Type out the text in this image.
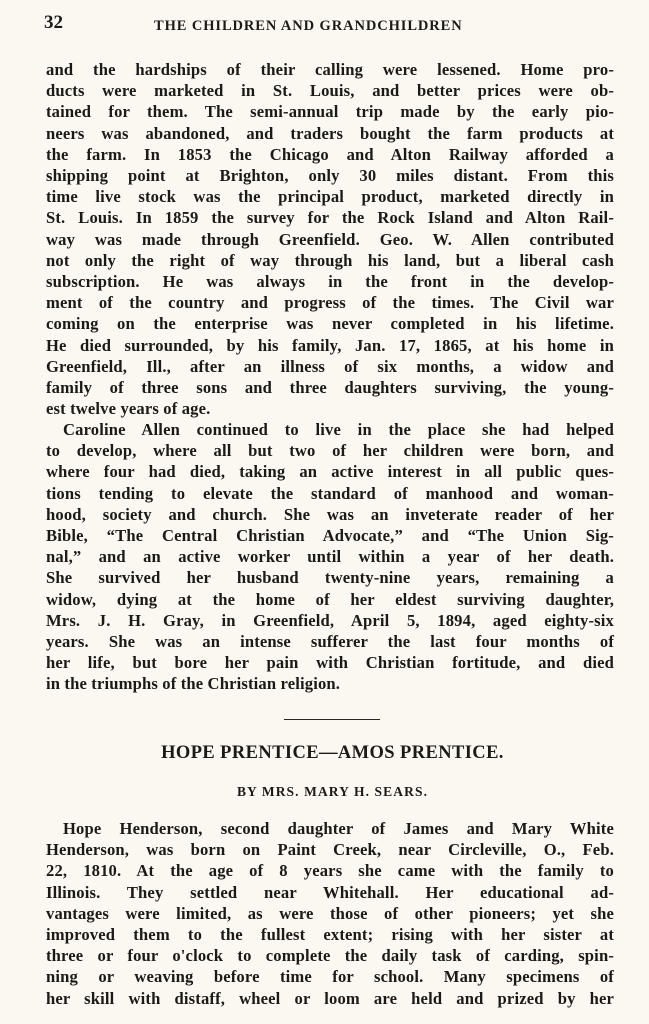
32	THE CHILDREN AND GRANDCHILDREN
and the hardships of their calling were lessened. Home pro-
ducts were marketed in St. Louis, and better prices were ob-
tained for them. The semi-annual trip made by the early pio-
neers was abandoned, and traders bought the farm products at
the farm. In 1853 the Chicago and Alton Railway afforded a
shipping point at Brighton, only 30 miles distant. From this
time live stock was the principal product, marketed directly in
St. Louis. In 1859 the survey for the Rock Island and Alton Rail-
way was made through Greenfield. Geo. W. Allen contributed
not only the right of way through his land, but a liberal cash
subscription. He was always in the front in the develop-
ment of the country and progress of the times. The Civil war
coming on the enterprise was never completed in his lifetime.
He died surrounded, by his family, Jan. 17, 1865, at his home in
Greenfield, Ill., after an illness of six months, a widow and
family of three sons and three daughters surviving, the young-
est twelve years of age.
Caroline Allen continued to live in the place she had helped
to develop, where all but two of her children were born, and
where four had died, taking an active interest in all public ques-
tions tending to elevate the standard of manhood and woman-
hood, society and church. She was an inveterate reader of her
Bible, “The Central Christian Advocate,” and “The Union Sig-
nal,” and an active worker until within a year of her death.
She survived her husband twenty-nine years, remaining a
widow, dying at the home of her eldest surviving daughter,
Mrs. J. H. Gray, in Greenfield, April 5, 1894, aged eighty-six
years. She was an intense sufferer the last four months of
her life, but bore her pain with Christian fortitude, and died
in the triumphs of the Christian religion.
HOPE PRENTICE—AMOS PRENTICE.
BY MRS. MARY H. SEARS.
Hope Henderson, second daughter of James and Mary White
Henderson, was born on Paint Creek, near Circleville, O., Feb.
22, 1810. At the age of 8 years she came with the family to
Illinois. They settled near Whitehall. Her educational ad-
vantages were limited, as were those of other pioneers; yet she
improved them to the fullest extent; rising with her sister at
three or four o'clock to complete the daily task of carding, spin-
ning or weaving before time for school. Many specimens of
her skill with distaff, wheel or loom are held and prized by her
